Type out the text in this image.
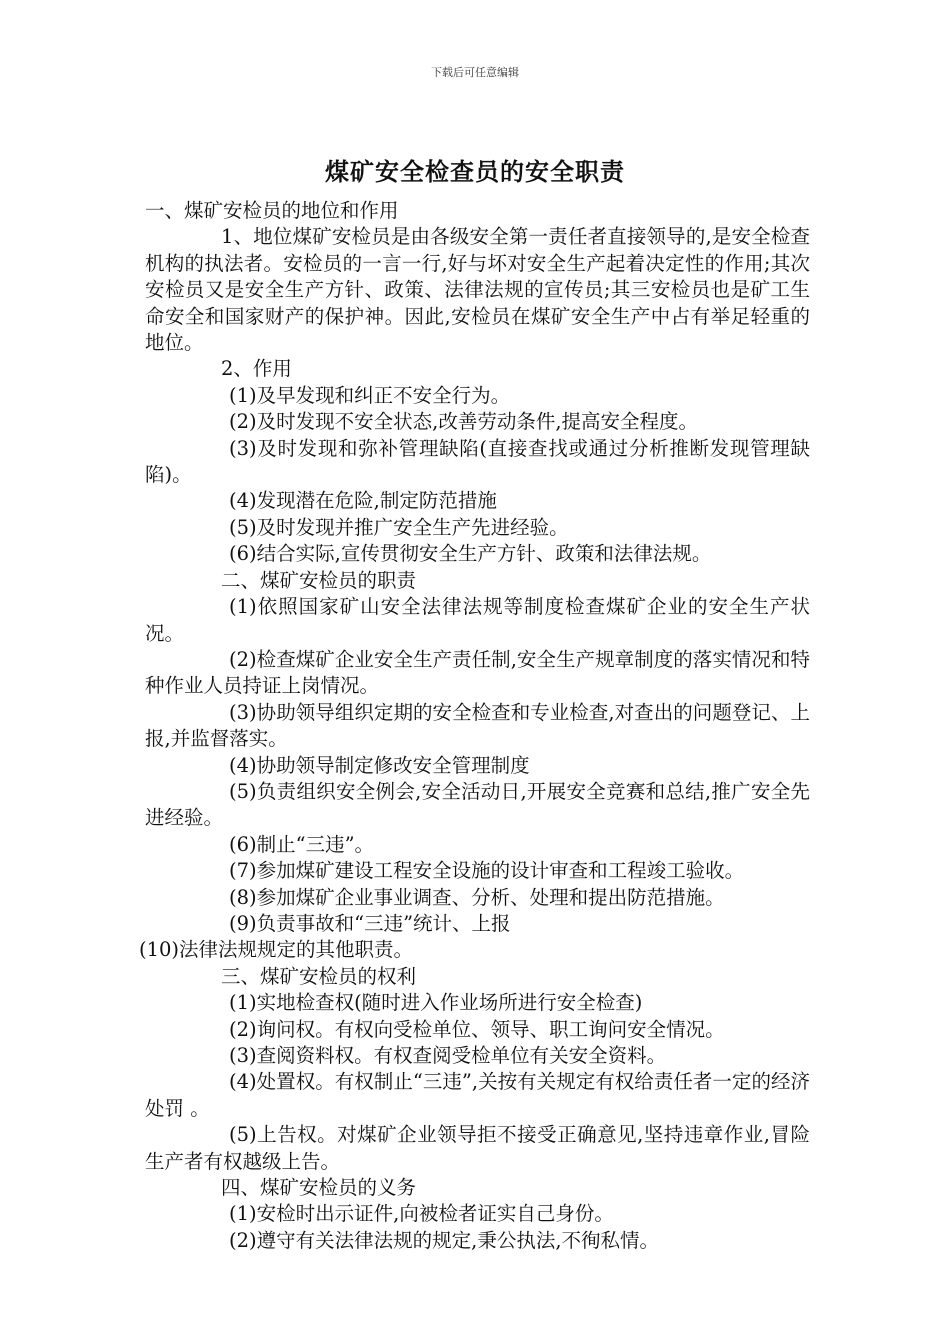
下载后可任意编辑
煤矿安全检查员的安全职责

一、煤矿安检员的地位和作用

1、地位煤矿安检员是由各级安全第一责任者直接领导的,是安全检查机构的执法者。安检员的一言一行,好与坏对安全生产起着决定性的作用;其次安检员又是安全生产方针、政策、法律法规的宣传员;其三安检员也是矿工生命安全和国家财产的保护神。因此,安检员在煤矿安全生产中占有举足轻重的地位。

2、作用

(1)及早发现和纠正不安全行为。

(2)及时发现不安全状态,改善劳动条件,提高安全程度。

(3)及时发现和弥补管理缺陷(直接查找或通过分析推断发现管理缺陷)。

(4)发现潜在危险,制定防范措施

(5)及时发现并推广安全生产先进经验。

(6)结合实际,宣传贯彻安全生产方针、政策和法律法规。

二、煤矿安检员的职责

(1)依照国家矿山安全法律法规等制度检查煤矿企业的安全生产状况。

(2)检查煤矿企业安全生产责任制,安全生产规章制度的落实情况和特种作业人员持证上岗情况。

(3)协助领导组织定期的安全检查和专业检查,对查出的问题登记、上报,并监督落实。

(4)协助领导制定修改安全管理制度

(5)负责组织安全例会,安全活动日,开展安全竞赛和总结,推广安全先进经验。

(6)制止“三违”。

(7)参加煤矿建设工程安全设施的设计审查和工程竣工验收。

(8)参加煤矿企业事业调查、分析、处理和提出防范措施。

(9)负责事故和“三违”统计、上报

(10)法律法规规定的其他职责。

三、煤矿安检员的权利

(1)实地检查权(随时进入作业场所进行安全检查)

(2)询问权。有权向受检单位、领导、职工询问安全情况。

(3)查阅资料权。有权查阅受检单位有关安全资料。

(4)处置权。有权制止“三违”,关按有关规定有权给责任者一定的经济处罚 。

(5)上告权。对煤矿企业领导拒不接受正确意见,坚持违章作业,冒险生产者有权越级上告。

四、煤矿安检员的义务

(1)安检时出示证件,向被检者证实自己身份。

(2)遵守有关法律法规的规定,秉公执法,不徇私情。
